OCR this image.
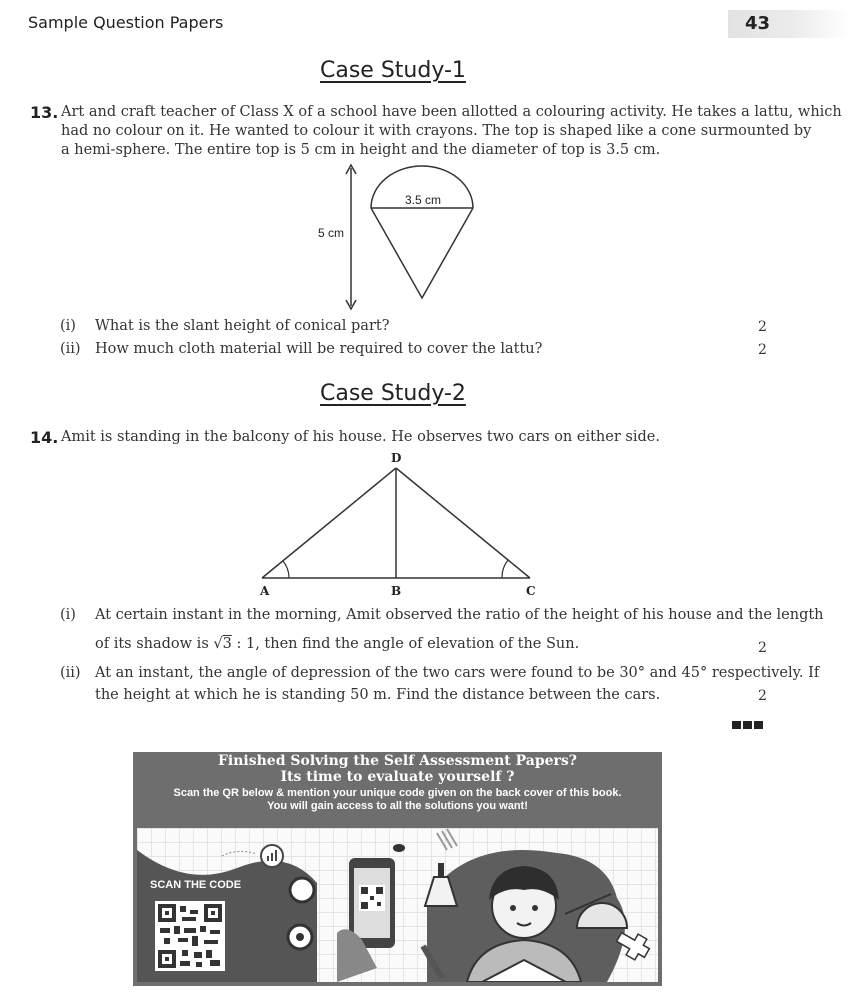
Sample Question Papers	43
Case Study-1
13. Art and craft teacher of Class X of a school have been allotted a colouring activity. He takes a lattu, which
had no colour on it. He wanted to colour it with crayons. The top is shaped like a cone surmounted by
a hemi-sphere. The entire top is 5 cm in height and the diameter of top is 3.5 cm.
3.5 cm
5 cm
(i) What is the slant height of conical part?	2
(ii) How much cloth material will be required to cover the lattu?	2
Case Study-2
14. Amit is standing in the balcony of his house. He observes two cars on either side.
D
A	B	C
(i) At certain instant in the morning, Amit observed the ratio of the height of his house and the length
of its shadow is √3 : 1, then find the angle of elevation of the Sun.	2
(ii) At an instant, the angle of depression of the two cars were found to be 30° and 45° respectively. If
the height at which he is standing 50 m. Find the distance between the cars.	2
Finished Solving the Self Assessment Papers?
Its time to evaluate yourself ?
Scan the QR below & mention your unique code given on the back cover of this book.
You will gain access to all the solutions you want!
SCAN THE CODE
